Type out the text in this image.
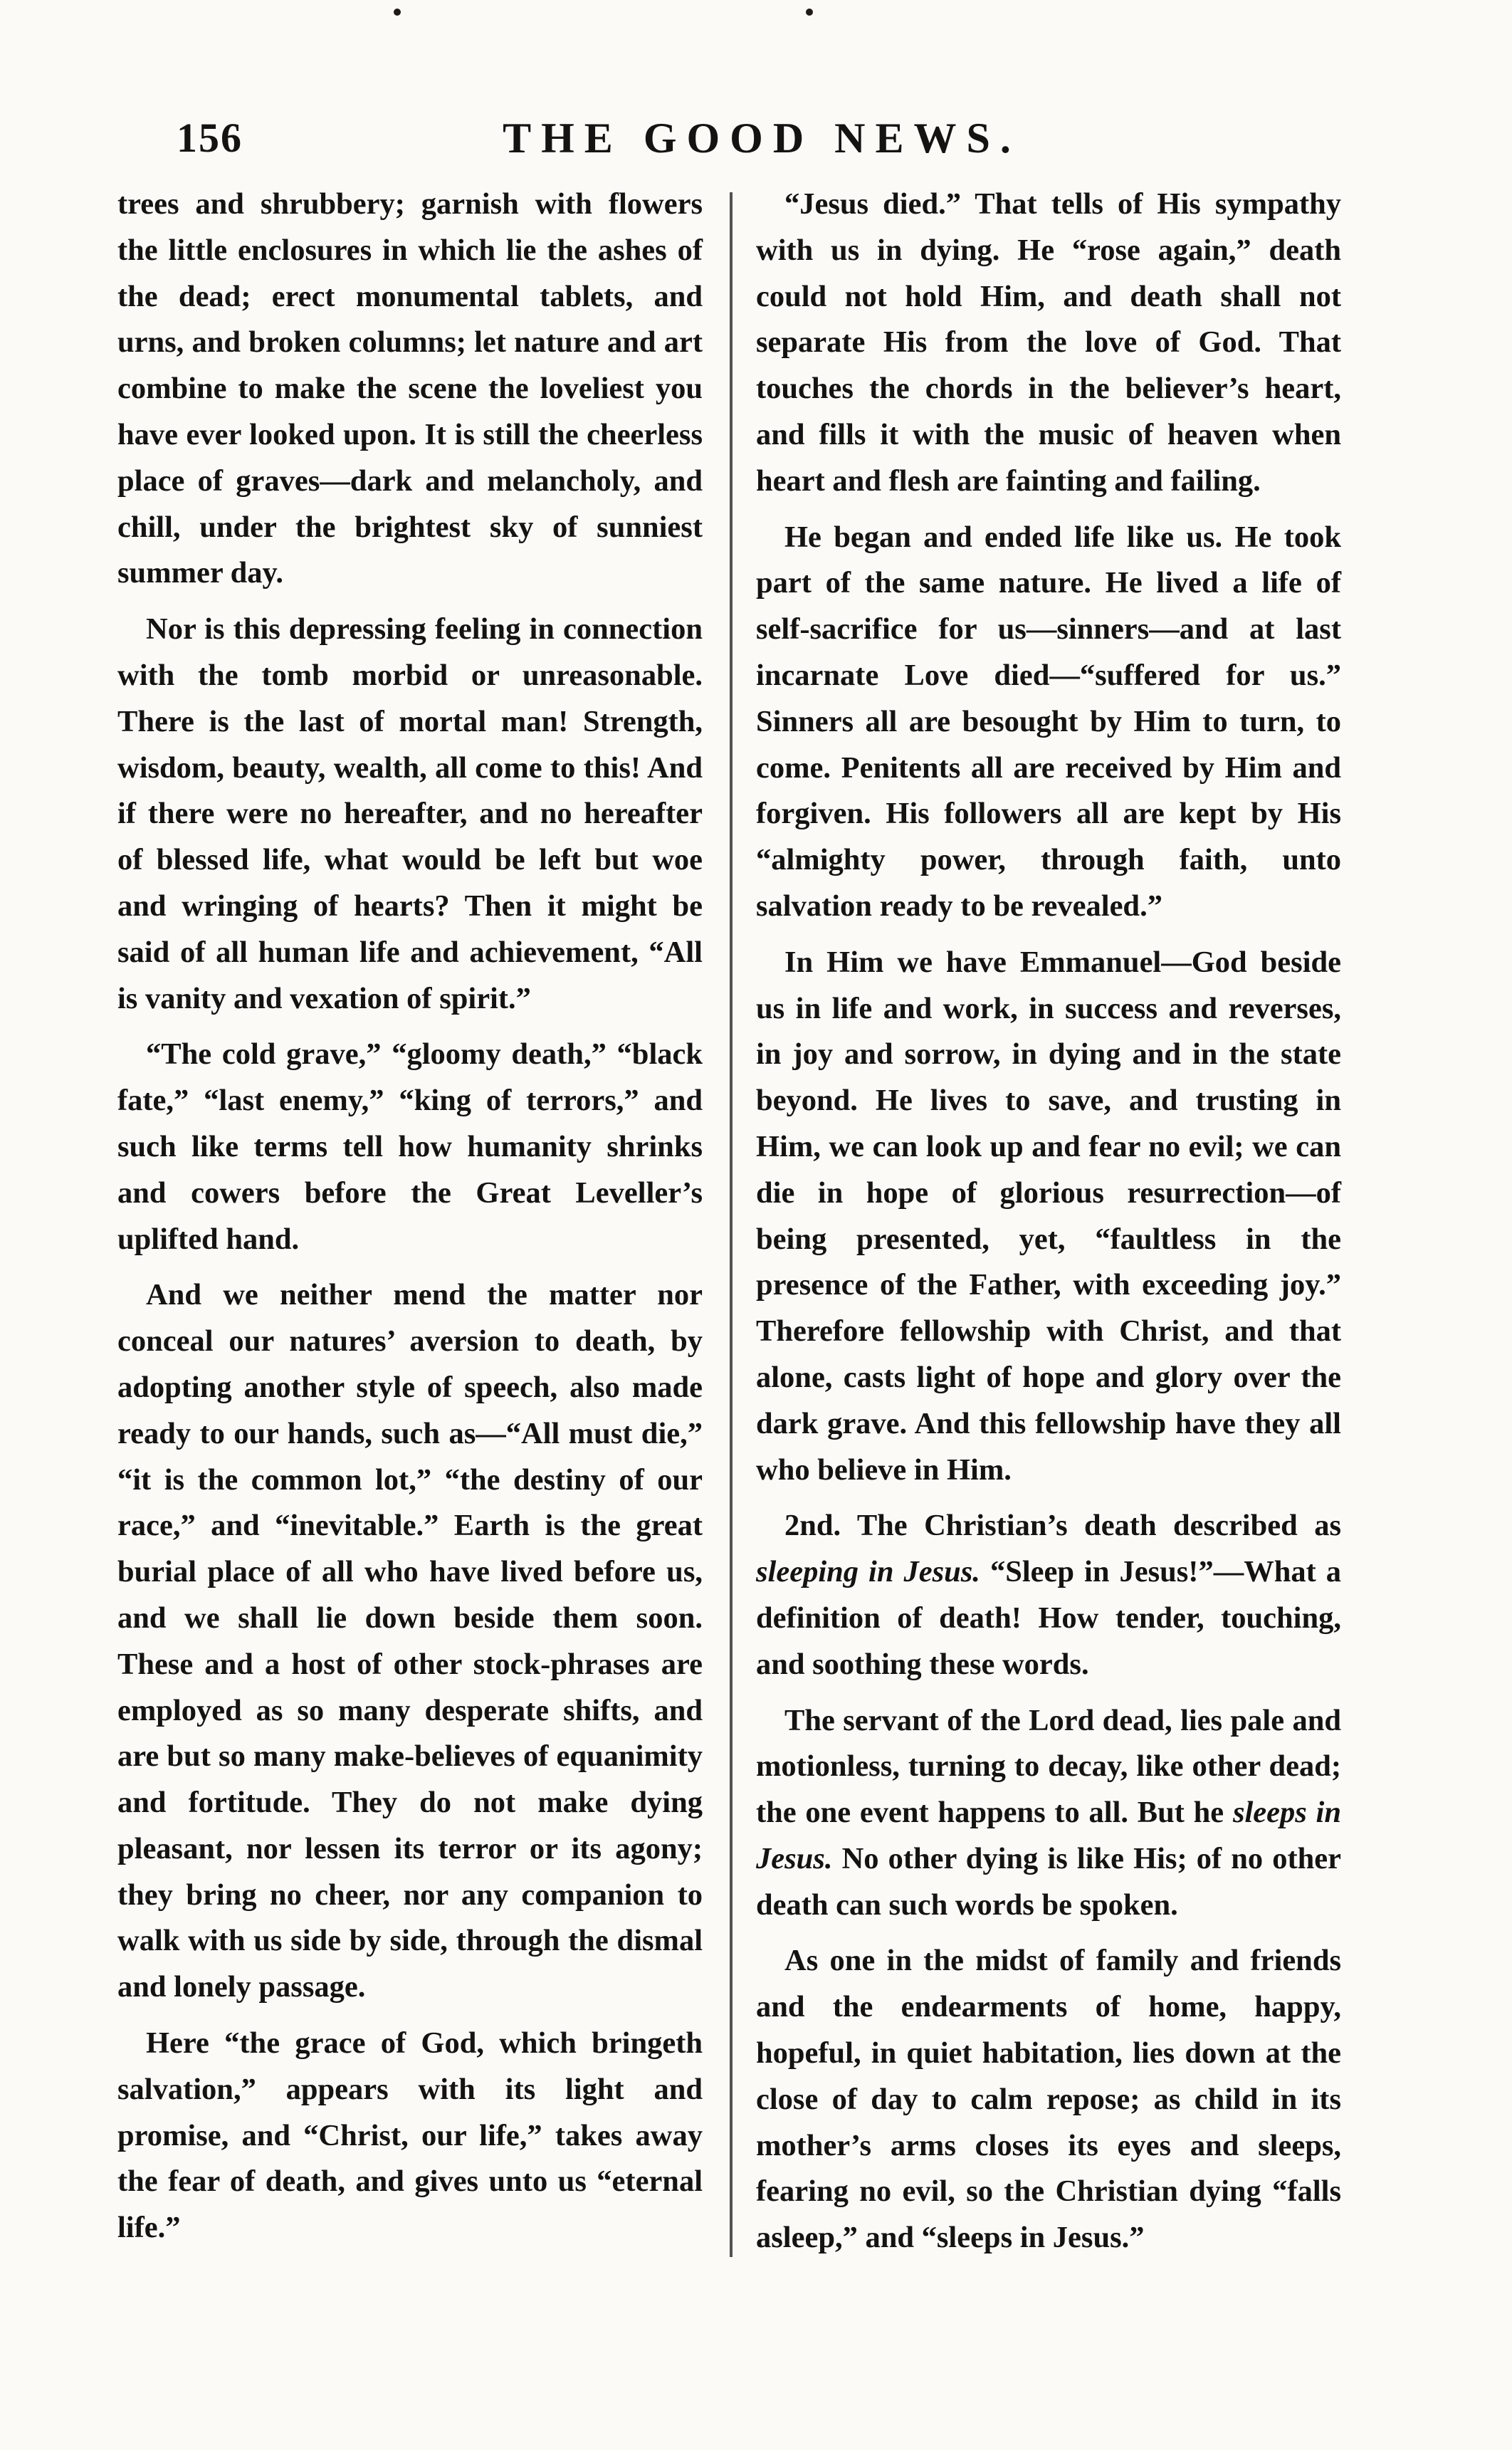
156	THE GOOD NEWS.

trees and shrubbery; garnish with flowers the little enclosures in which lie the ashes of the dead; erect monumental tablets, and urns, and broken columns; let nature and art combine to make the scene the loveliest you have ever looked upon. It is still the cheerless place of graves—dark and melancholy, and chill, under the brightest sky of sunniest summer day.

Nor is this depressing feeling in connection with the tomb morbid or unreasonable. There is the last of mortal man! Strength, wisdom, beauty, wealth, all come to this! And if there were no hereafter, and no hereafter of blessed life, what would be left but woe and wringing of hearts? Then it might be said of all human life and achievement, “All is vanity and vexation of spirit.”

“The cold grave,” “gloomy death,” “black fate,” “last enemy,” “king of terrors,” and such like terms tell how humanity shrinks and cowers before the Great Leveller’s uplifted hand.

And we neither mend the matter nor conceal our natures’ aversion to death, by adopting another style of speech, also made ready to our hands, such as—“All must die,” “it is the common lot,” “the destiny of our race,” and “inevitable.” Earth is the great burial place of all who have lived before us, and we shall lie down beside them soon. These and a host of other stock-phrases are employed as so many desperate shifts, and are but so many make-believes of equanimity and fortitude. They do not make dying pleasant, nor lessen its terror or its agony; they bring no cheer, nor any companion to walk with us side by side, through the dismal and lonely passage.

Here “the grace of God, which bringeth salvation,” appears with its light and promise, and “Christ, our life,” takes away the fear of death, and gives unto us “eternal life.”

“Jesus died.” That tells of His sympathy with us in dying. He “rose again,” death could not hold Him, and death shall not separate His from the love of God. That touches the chords in the believer’s heart, and fills it with the music of heaven when heart and flesh are fainting and failing.

He began and ended life like us. He took part of the same nature. He lived a life of self-sacrifice for us—sinners—and at last incarnate Love died—“suffered for us.” Sinners all are besought by Him to turn, to come. Penitents all are received by Him and forgiven. His followers all are kept by His “almighty power, through faith, unto salvation ready to be revealed.”

In Him we have Emmanuel—God beside us in life and work, in success and reverses, in joy and sorrow, in dying and in the state beyond. He lives to save, and trusting in Him, we can look up and fear no evil; we can die in hope of glorious resurrection—of being presented, yet, “faultless in the presence of the Father, with exceeding joy.” Therefore fellowship with Christ, and that alone, casts light of hope and glory over the dark grave. And this fellowship have they all who believe in Him.

2nd. The Christian’s death described as sleeping in Jesus. “Sleep in Jesus!”—What a definition of death! How tender, touching, and soothing these words.

The servant of the Lord dead, lies pale and motionless, turning to decay, like other dead; the one event happens to all. But he sleeps in Jesus. No other dying is like His; of no other death can such words be spoken.

As one in the midst of family and friends and the endearments of home, happy, hopeful, in quiet habitation, lies down at the close of day to calm repose; as child in its mother’s arms closes its eyes and sleeps, fearing no evil, so the Christian dying “falls asleep,” and “sleeps in Jesus.”
